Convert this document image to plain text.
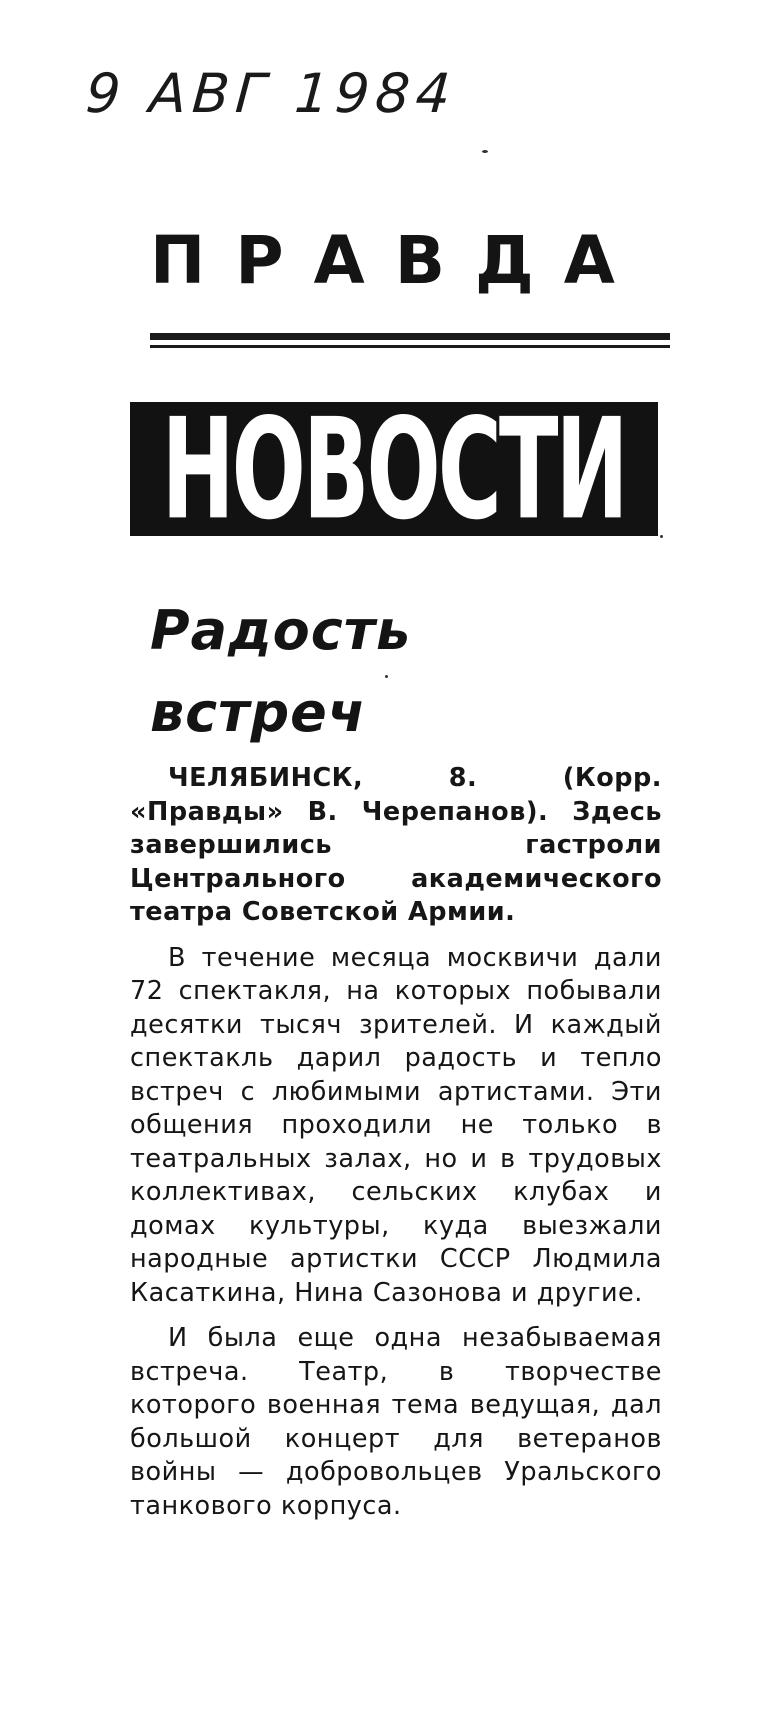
9 АВГ 1984
ПРАВДА
НОВОСТИ
Радость
встреч

ЧЕЛЯБИНСК, 8. (Корр. «Правды» В. Черепанов). Здесь завершились гастроли Центрального академического театра Советской Армии.

В течение месяца москвичи дали 72 спектакля, на которых побывали десятки тысяч зрителей. И каждый спектакль дарил радость и тепло встреч с любимыми артистами. Эти общения проходили не только в театральных залах, но и в трудовых коллективах, сельских клубах и домах культуры, куда выезжали народные артистки СССР Людмила Касаткина, Нина Сазонова и другие.

И была еще одна незабываемая встреча. Театр, в творчестве которого военная тема ведущая, дал большой концерт для ветеранов войны — добровольцев Уральского танкового корпуса.
